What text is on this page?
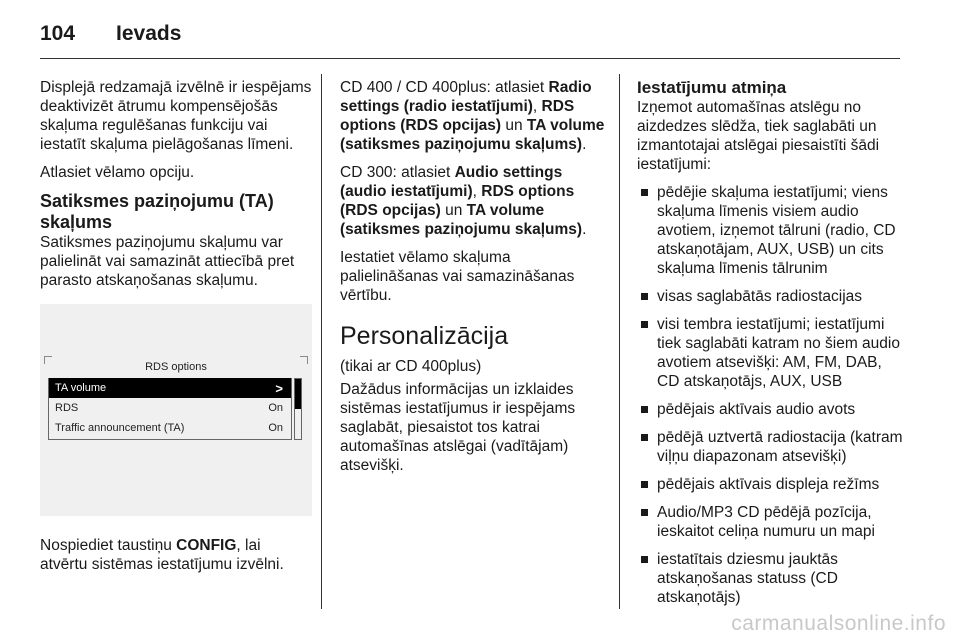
104	Ievads

Displejā redzamajā izvēlnē ir iespējams deaktivizēt ātrumu kompensējošās skaļuma regulēšanas funkciju vai iestatīt skaļuma pielāgošanas līmeni.

Atlasiet vēlamo opciju.

Satiksmes paziņojumu (TA) skaļums

Satiksmes paziņojumu skaļumu var palielināt vai samazināt attiecībā pret parasto atskaņošanas skaļumu.

RDS options
TA volume	>
RDS	On
Traffic announcement (TA)	On

Nospiediet taustiņu CONFIG, lai atvērtu sistēmas iestatījumu izvēlni.

CD 400 / CD 400plus: atlasiet Radio settings (radio iestatījumi), RDS options (RDS opcijas) un TA volume (satiksmes paziņojumu skaļums).

CD 300: atlasiet Audio settings (audio iestatījumi), RDS options (RDS opcijas) un TA volume (satiksmes paziņojumu skaļums).

Iestatiet vēlamo skaļuma palielināšanas vai samazināšanas vērtību.

Personalizācija

(tikai ar CD 400plus)

Dažādus informācijas un izklaides sistēmas iestatījumus ir iespējams saglabāt, piesaistot tos katrai automašīnas atslēgai (vadītājam) atsevišķi.

Iestatījumu atmiņa

Izņemot automašīnas atslēgu no aizdedzes slēdža, tiek saglabāti un izmantotajai atslēgai piesaistīti šādi iestatījumi:

pēdējie skaļuma iestatījumi; viens skaļuma līmenis visiem audio avotiem, izņemot tālruni (radio, CD atskaņotājam, AUX, USB) un cits skaļuma līmenis tālrunim
visas saglabātās radiostacijas
visi tembra iestatījumi; iestatījumi tiek saglabāti katram no šiem audio avotiem atsevišķi: AM, FM, DAB, CD atskaņotājs, AUX, USB
pēdējais aktīvais audio avots
pēdējā uztvertā radiostacija (katram viļņu diapazonam atsevišķi)
pēdējais aktīvais displeja režīms
Audio/MP3 CD pēdējā pozīcija, ieskaitot celiņa numuru un mapi
iestatītais dziesmu jauktās atskaņošanas statuss (CD atskaņotājs)
carmanualsonline.info
